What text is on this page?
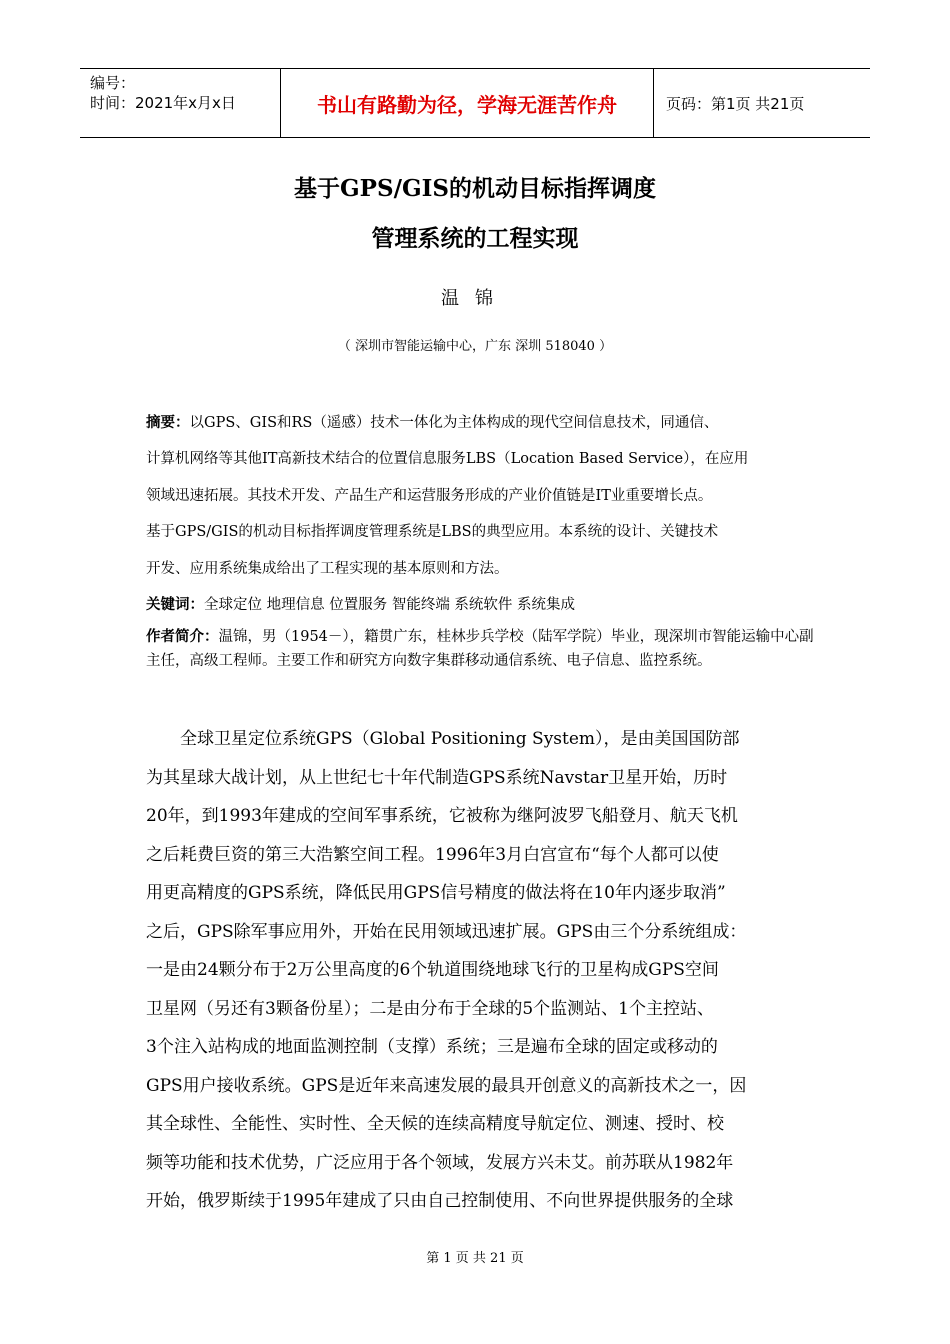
编号：
时间：2021年x月x日	书山有路勤为径，学海无涯苦作舟	页码：第1页 共21页
基于GPS/GIS的机动目标指挥调度
管理系统的工程实现
温锦
（ 深圳市智能运输中心，广东 深圳 518040 ）
摘要：以GPS、GIS和RS（遥感）技术一体化为主体构成的现代空间信息技术，同通信、
计算机网络等其他IT高新技术结合的位置信息服务LBS（Location Based Service），在应用
领域迅速拓展。其技术开发、产品生产和运营服务形成的产业价值链是IT业重要增长点。
基于GPS/GIS的机动目标指挥调度管理系统是LBS的典型应用。本系统的设计、关键技术
开发、应用系统集成给出了工程实现的基本原则和方法。
关键词：全球定位 地理信息 位置服务 智能终端 系统软件 系统集成
作者简介：温锦，男（1954－），籍贯广东，桂林步兵学校（陆军学院）毕业，现深圳市智能运输中心副主任，高级工程师。主要工作和研究方向数字集群移动通信系统、电子信息、监控系统。
　　全球卫星定位系统GPS（Global Positioning System），是由美国国防部
为其星球大战计划，从上世纪七十年代制造GPS系统Navstar卫星开始，历时
20年，到1993年建成的空间军事系统，它被称为继阿波罗飞船登月、航天飞机
之后耗费巨资的第三大浩繁空间工程。1996年3月白宫宣布“每个人都可以使
用更高精度的GPS系统，降低民用GPS信号精度的做法将在10年内逐步取消”
之后，GPS除军事应用外，开始在民用领域迅速扩展。GPS由三个分系统组成：
一是由24颗分布于2万公里高度的6个轨道围绕地球飞行的卫星构成GPS空间
卫星网（另还有3颗备份星）；二是由分布于全球的5个监测站、1个主控站、
3个注入站构成的地面监测控制（支撑）系统；三是遍布全球的固定或移动的
GPS用户接收系统。GPS是近年来高速发展的最具开创意义的高新技术之一，因
其全球性、全能性、实时性、全天候的连续高精度导航定位、测速、授时、校
频等功能和技术优势，广泛应用于各个领域，发展方兴未艾。前苏联从1982年
开始，俄罗斯续于1995年建成了只由自己控制使用、不向世界提供服务的全球
第 1 页 共 21 页
